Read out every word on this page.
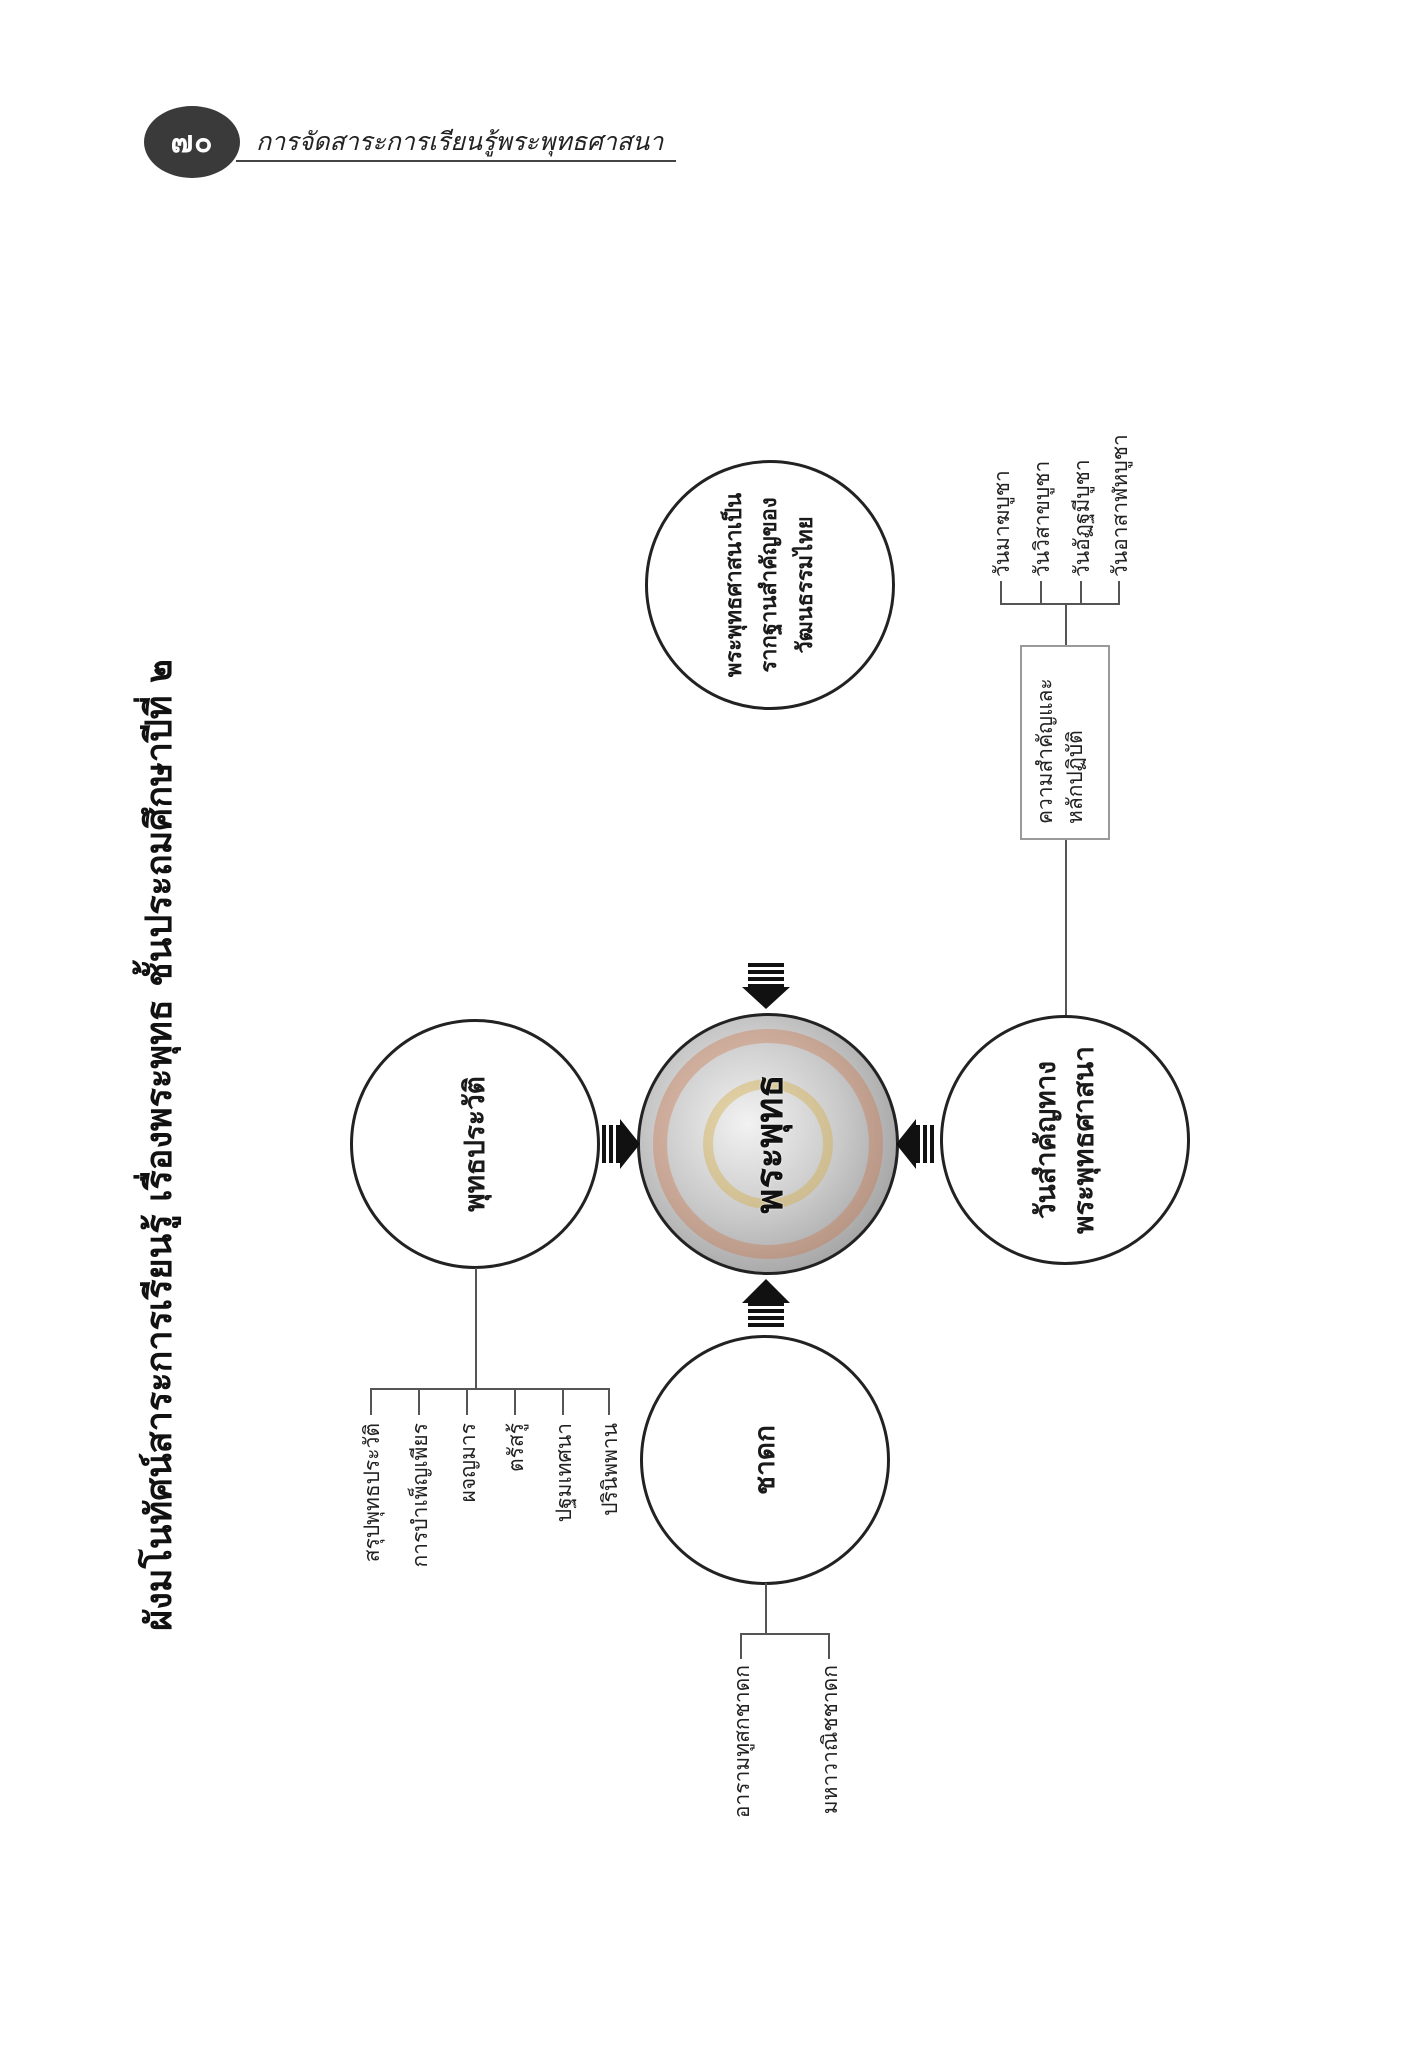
๗๐ การจัดสาระการเรียนรู้พระพุทธศาสนา
ผังมโนทัศน์สาระการเรียนรู้ เรื่องพระพุทธ ชั้นประถมศึกษาปีที่ ๒	พระพุทธ
พุทธประวัติ
สรุปพุทธประวัติ การบำเพ็ญเพียร ผจญมาร ตรัสรู้ ปฐมเทศนา ปรินิพพาน	ชาดก
อารามทูสกชาดก	มหาวาณิชชาดก
พระพุทธศาสนาเป็นรากฐานสำคัญของวัฒนธรรมไทย
วันสำคัญทางพระพุทธศาสนา
ความสำคัญและหลักปฏิบัติ
วันมาฆบูชา วันวิสาขบูชา วันอัฏฐมีบูชา วันอาสาฬหบูชา
